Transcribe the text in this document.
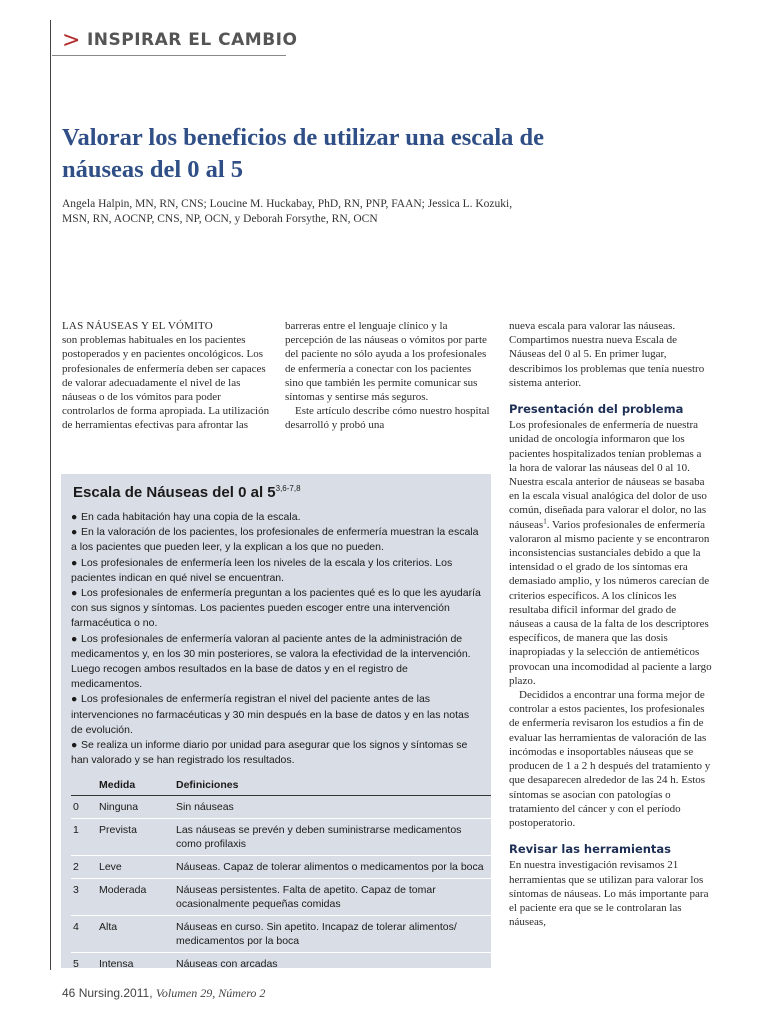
> INSPIRAR EL CAMBIO
Valorar los beneficios de utilizar una escala de náuseas del 0 al 5
Angela Halpin, MN, RN, CNS; Loucine M. Huckabay, PhD, RN, PNP, FAAN; Jessica L. Kozuki, MSN, RN, AOCNP, CNS, NP, OCN, y Deborah Forsythe, RN, OCN

LAS NÁUSEAS Y EL VÓMITO
son problemas habituales en los pacientes postoperados y en pacientes oncológicos. Los profesionales de enfermería deben ser capaces de valorar adecuadamente el nivel de las náuseas o de los vómitos para poder controlarlos de forma apropiada. La utilización de herramientas efectivas para afrontar las

barreras entre el lenguaje clínico y la percepción de las náuseas o vómitos por parte del paciente no sólo ayuda a los profesionales de enfermería a conectar con los pacientes sino que también les permite comunicar sus síntomas y sentirse más seguros.

Este artículo describe cómo nuestro hospital desarrolló y probó una

nueva escala para valorar las náuseas. Compartimos nuestra nueva Escala de Náuseas del 0 al 5. En primer lugar, describimos los problemas que tenía nuestro sistema anterior.

Presentación del problema

Los profesionales de enfermería de nuestra unidad de oncología informaron que los pacientes hospitalizados tenían problemas a la hora de valorar las náuseas del 0 al 10. Nuestra escala anterior de náuseas se basaba en la escala visual analógica del dolor de uso común, diseñada para valorar el dolor, no las náuseas$^1$. Varios profesionales de enfermería valoraron al mismo paciente y se encontraron inconsistencias sustanciales debido a que la intensidad o el grado de los síntomas era demasiado amplio, y los números carecían de criterios específicos. A los clínicos les resultaba difícil informar del grado de náuseas a causa de la falta de los descriptores específicos, de manera que las dosis inapropiadas y la selección de antieméticos provocan una incomodidad al paciente a largo plazo.

Decididos a encontrar una forma mejor de controlar a estos pacientes, los profesionales de enfermería revisaron los estudios a fin de evaluar las herramientas de valoración de las incómodas e insoportables náuseas que se producen de 1 a 2 h después del tratamiento y que desaparecen alrededor de las 24 h. Estos síntomas se asocian con patologías o tratamiento del cáncer y con el período postoperatorio.

Revisar las herramientas

En nuestra investigación revisamos 21 herramientas que se utilizan para valorar los síntomas de náuseas. Lo más importante para el paciente era que se le controlaran las náuseas,

Escala de Náuseas del 0 al 5$^{3,6-7,8}$
● En cada habitación hay una copia de la escala.
● En la valoración de los pacientes, los profesionales de enfermería muestran la escala a los pacientes que pueden leer, y la explican a los que no pueden.
● Los profesionales de enfermería leen los niveles de la escala y los criterios. Los pacientes indican en qué nivel se encuentran.
● Los profesionales de enfermería preguntan a los pacientes qué es lo que les ayudaría con sus signos y síntomas. Los pacientes pueden escoger entre una intervención farmacéutica o no.
● Los profesionales de enfermería valoran al paciente antes de la administración de medicamentos y, en los 30 min posteriores, se valora la efectividad de la intervención. Luego recogen ambos resultados en la base de datos y en el registro de medicamentos.
● Los profesionales de enfermería registran el nivel del paciente antes de las intervenciones no farmacéuticas y 30 min después en la base de datos y en las notas de evolución.
● Se realiza un informe diario por unidad para asegurar que los signos y síntomas se han valorado y se han registrado los resultados.
	Medida	Definiciones
0	Ninguna	Sin náuseas
1	Prevista	Las náuseas se prevén y deben suministrarse medicamentos como profilaxis
2	Leve	Náuseas. Capaz de tolerar alimentos o medicamentos por la boca
3	Moderada	Náuseas persistentes. Falta de apetito. Capaz de tomar ocasionalmente pequeñas comidas
4	Alta	Náuseas en curso. Sin apetito. Incapaz de tolerar alimentos/ medicamentos por la boca
5	Intensa	Náuseas con arcadas
46 Nursing.2011, Volumen 29, Número 2
